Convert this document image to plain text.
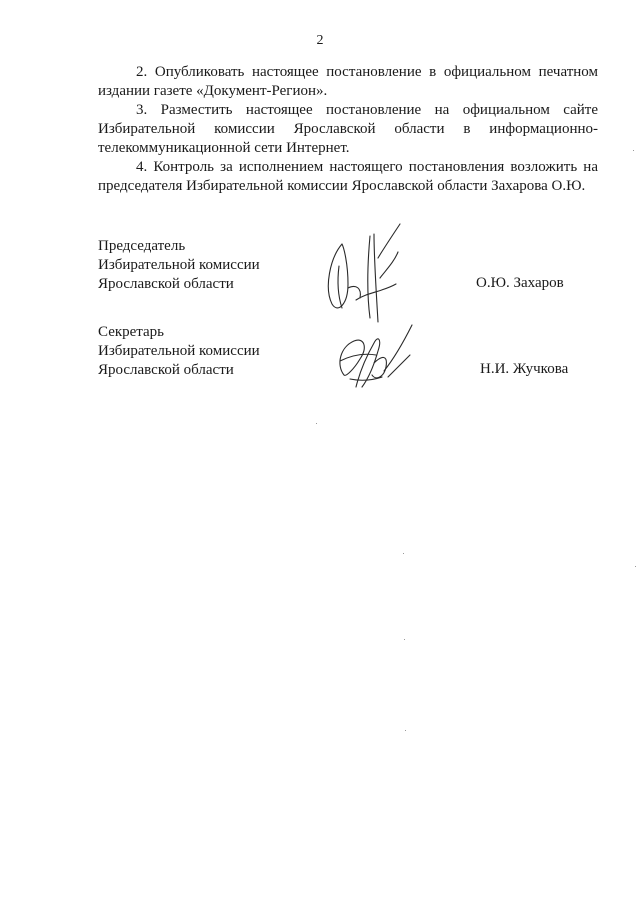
2

2. Опубликовать настоящее постановление в официальном печатном издании газете «Документ-Регион».

3. Разместить настоящее постановление на официальном сайте Избирательной комиссии Ярославской области в информационно-телекоммуникационной сети Интернет.

4. Контроль за исполнением настоящего постановления возложить на председателя Избирательной комиссии Ярославской области Захарова О.Ю.

Председатель
Избирательной комиссии
Ярославской области	О.Ю. Захаров
Секретарь
Избирательной комиссии
Ярославской области	Н.И. Жучкова
